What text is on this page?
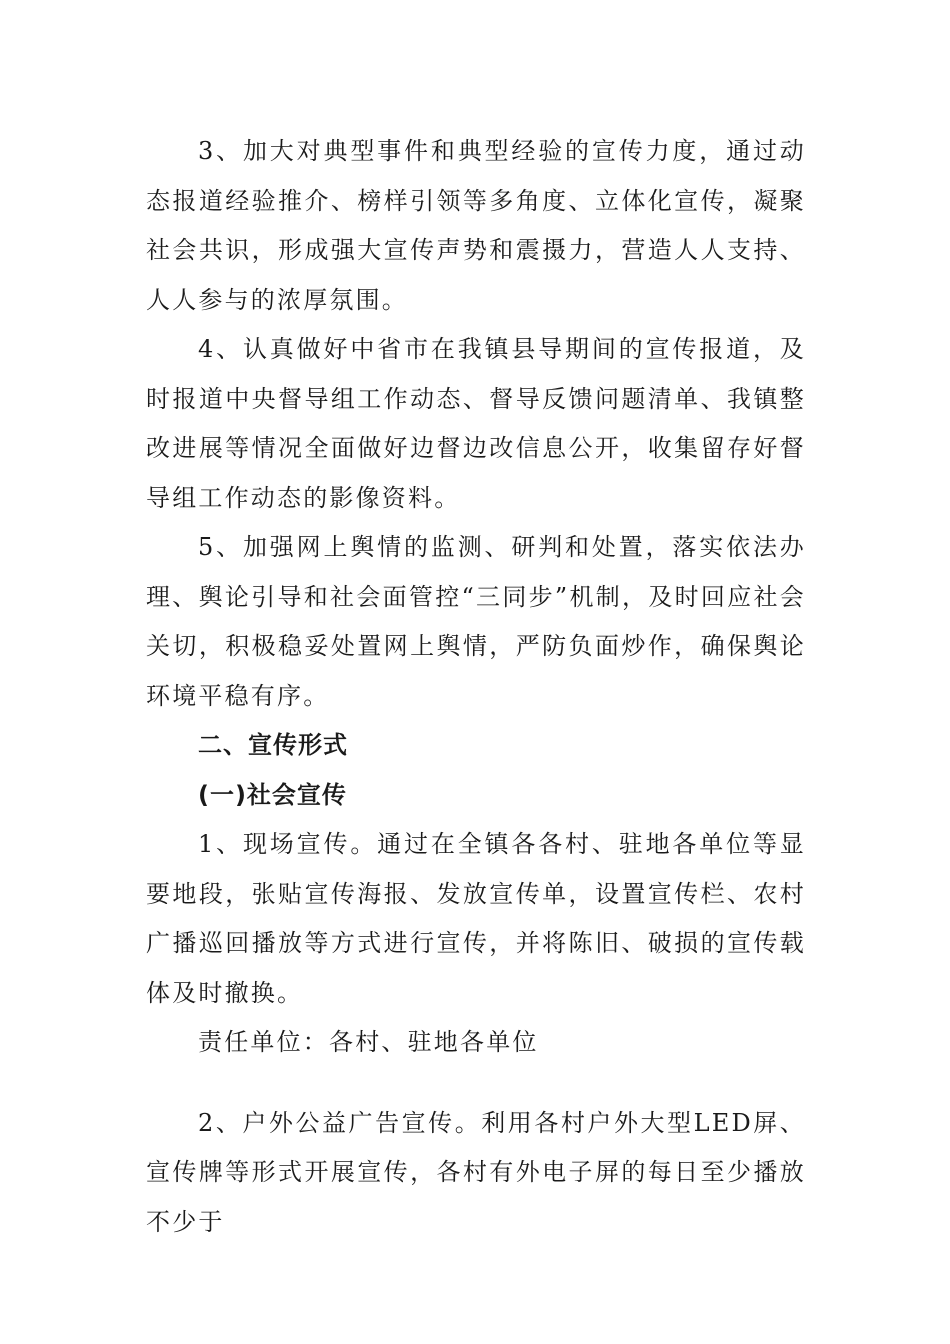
3、加大对典型事件和典型经验的宣传力度，通过动态报道经验推介、榜样引领等多角度、立体化宣传，凝聚社会共识，形成强大宣传声势和震摄力，营造人人支持、人人参与的浓厚氛围。

4、认真做好中省市在我镇县导期间的宣传报道，及时报道中央督导组工作动态、督导反馈问题清单、我镇整改进展等情况全面做好边督边改信息公开，收集留存好督导组工作动态的影像资料。

5、加强网上舆情的监测、研判和处置，落实依法办理、舆论引导和社会面管控“三同步”机制，及时回应社会关切，积极稳妥处置网上舆情，严防负面炒作，确保舆论环境平稳有序。

二、宣传形式

(一)社会宣传

1、现场宣传。通过在全镇各各村、驻地各单位等显要地段，张贴宣传海报、发放宣传单，设置宣传栏、农村广播巡回播放等方式进行宣传，并将陈旧、破损的宣传载体及时撤换。

责任单位：各村、驻地各单位

2、户外公益广告宣传。利用各村户外大型LED屏、宣传牌等形式开展宣传，各村有外电子屏的每日至少播放不少于
